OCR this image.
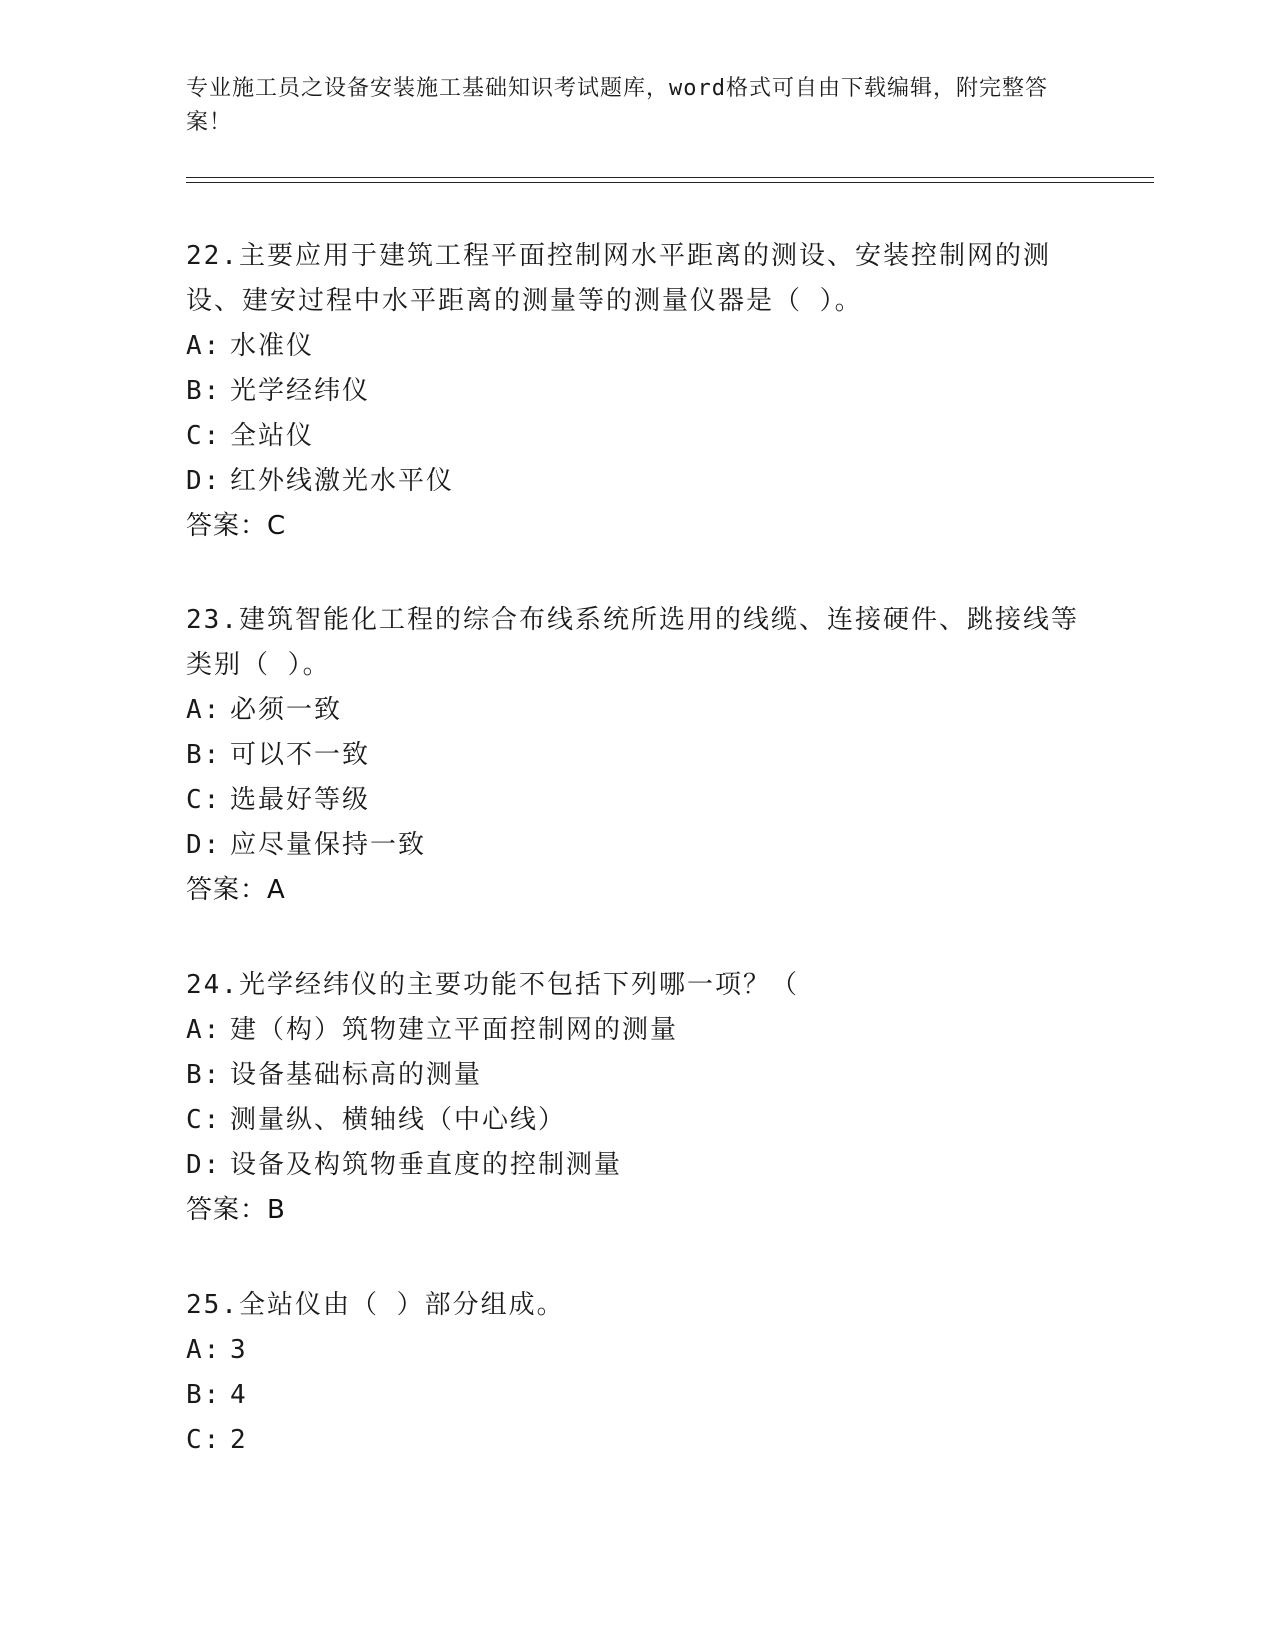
专业施工员之设备安装施工基础知识考试题库，word格式可自由下载编辑，附完整答案！

22.主要应用于建筑工程平面控制网水平距离的测设、安装控制网的测设、建安过程中水平距离的测量等的测量仪器是（ ）。

A: 水准仪

B: 光学经纬仪

C: 全站仪

D: 红外线激光水平仪

答案：C

23.建筑智能化工程的综合布线系统所选用的线缆、连接硬件、跳接线等类别（ ）。

A: 必须一致

B: 可以不一致

C: 选最好等级

D: 应尽量保持一致

答案：A

24.光学经纬仪的主要功能不包括下列哪一项？（

A: 建（构）筑物建立平面控制网的测量

B: 设备基础标高的测量

C: 测量纵、横轴线（中心线）

D: 设备及构筑物垂直度的控制测量

答案：B

25.全站仪由（ ）部分组成。

A: 3

B: 4

C: 2
